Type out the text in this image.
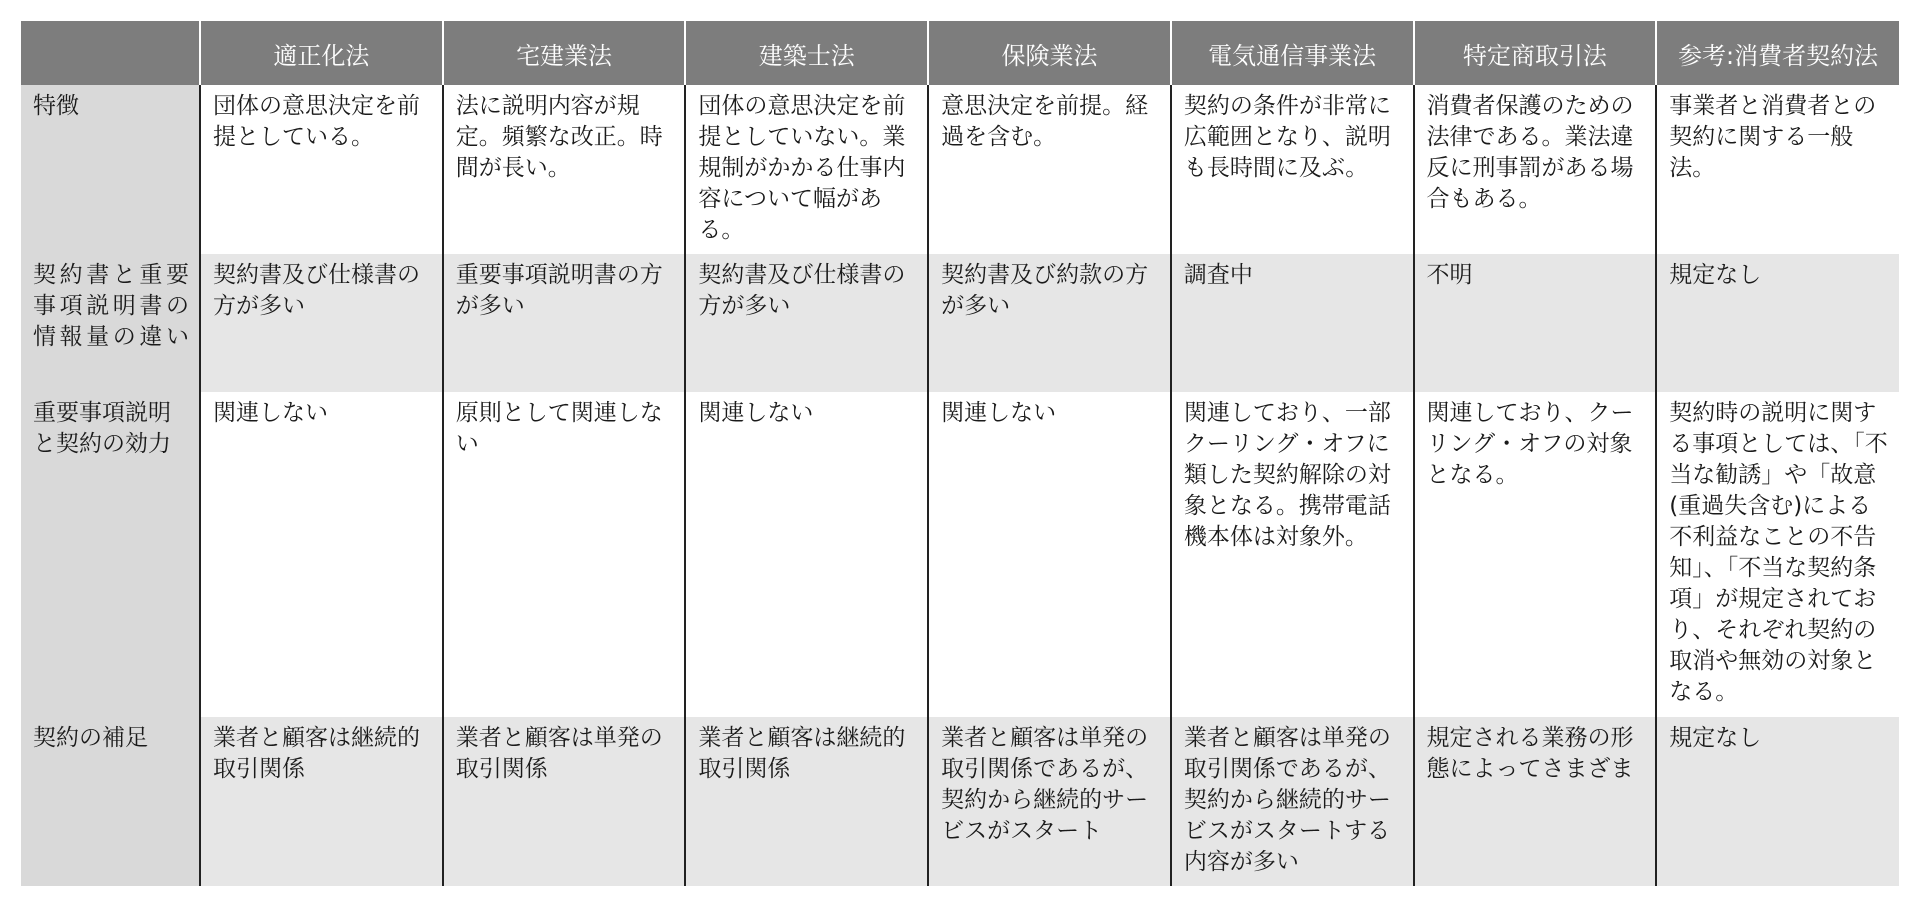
	適正化法	宅建業法	建築士法	保険業法	電気通信事業法	特定商取引法	参考:消費者契約法
特徴	団体の意思決定を前提としている。	法に説明内容が規定。頻繁な改正。時間が長い。	団体の意思決定を前提としていない。業規制がかかる仕事内容について幅がある。	意思決定を前提。経過を含む。	契約の条件が非常に広範囲となり、説明も長時間に及ぶ。	消費者保護のための法律である。業法違反に刑事罰がある場合もある。	事業者と消費者との契約に関する一般法。
契約書と重要事項説明書の情報量の違い	契約書及び仕様書の方が多い	重要事項説明書の方が多い	契約書及び仕様書の方が多い	契約書及び約款の方が多い	調査中	不明	規定なし
重要事項説明と契約の効力	関連しない	原則として関連しない	関連しない	関連しない	関連しており、一部クーリング・オフに類した契約解除の対象となる。携帯電話機本体は対象外。	関連しており、クーリング・オフの対象となる。	契約時の説明に関する事項としては、「不当な勧誘」や「故意(重過失含む)による不利益なことの不告知」、「不当な契約条項」が規定されており、それぞれ契約の取消や無効の対象となる。
契約の補足	業者と顧客は継続的取引関係	業者と顧客は単発の取引関係	業者と顧客は継続的取引関係	業者と顧客は単発の取引関係であるが、契約から継続的サービスがスタート	業者と顧客は単発の取引関係であるが、契約から継続的サービスがスタートする内容が多い	規定される業務の形態によってさまざま	規定なし
